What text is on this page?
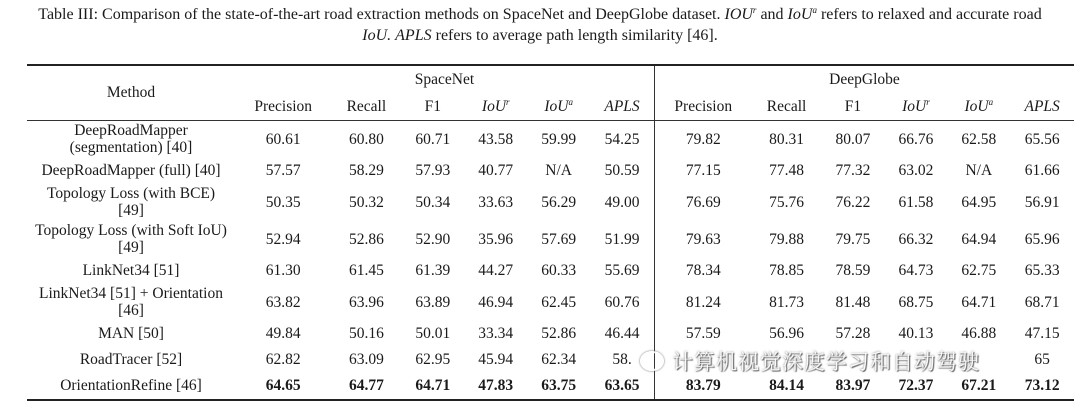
Table III: Comparison of the state-of-the-art road extraction methods on SpaceNet and DeepGlobe dataset. IOU$^r$ and IoU$^a$ refers to relaxed and accurate road
IoU. APLS refers to average path length similarity [46].
Method	SpaceNet						DeepGlobe					
	Precision	Recall	F1	IoU$^r$	IoU$^a$	APLS	Precision	Recall	F1	IoU$^r$	IoU$^a$	APLS
DeepRoadMapper
(segmentation) [40]	60.61	60.80	60.71	43.58	59.99	54.25	79.82	80.31	80.07	66.76	62.58	65.56
DeepRoadMapper (full) [40]	57.57	58.29	57.93	40.77	N/A	50.59	77.15	77.48	77.32	63.02	N/A	61.66
Topology Loss (with BCE)
[49]	50.35	50.32	50.34	33.63	56.29	49.00	76.69	75.76	76.22	61.58	64.95	56.91
Topology Loss (with Soft IoU)
[49]	52.94	52.86	52.90	35.96	57.69	51.99	79.63	79.88	79.75	66.32	64.94	65.96
LinkNet34 [51]	61.30	61.45	61.39	44.27	60.33	55.69	78.34	78.85	78.59	64.73	62.75	65.33
LinkNet34 [51] + Orientation
[46]	63.82	63.96	63.89	46.94	62.45	60.76	81.24	81.73	81.48	68.75	64.71	68.71
MAN [50]	49.84	50.16	50.01	33.34	52.86	46.44	57.59	56.96	57.28	40.13	46.88	47.15
RoadTracer [52]	62.82	63.09	62.95	45.94	62.34	58.						65
OrientationRefine [46]	64.65	64.77	64.71	47.83	63.75	63.65	83.79	84.14	83.97	72.37	67.21	73.12
计算机视觉深度学习和自动驾驶
